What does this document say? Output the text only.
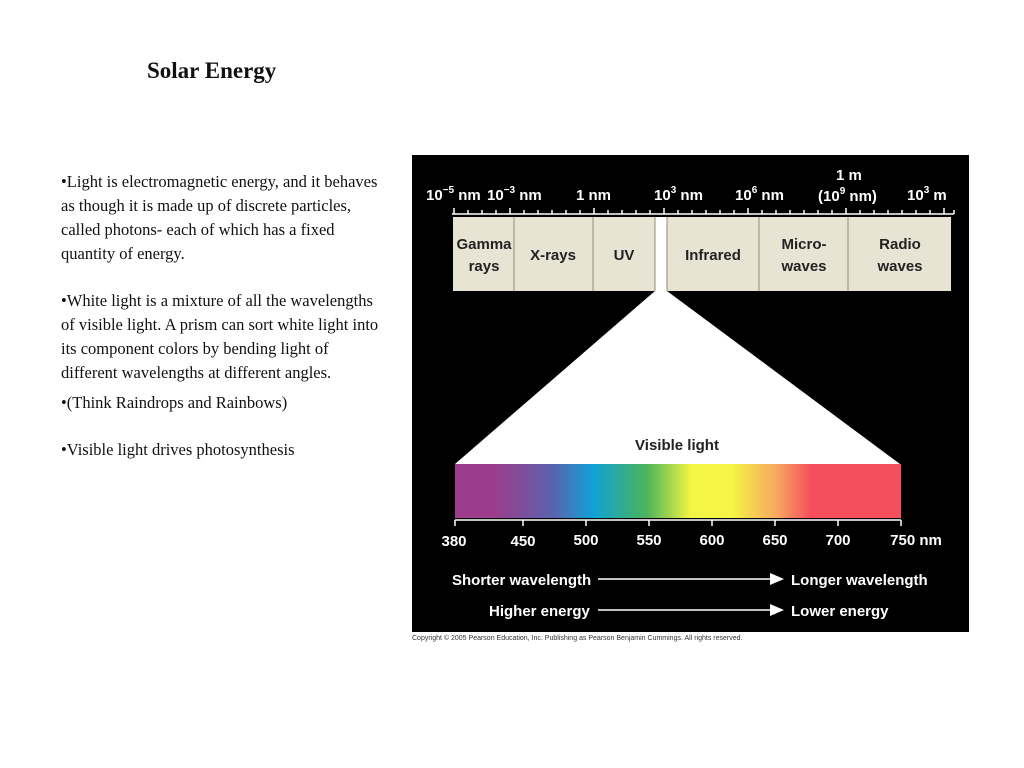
Solar Energy

•Light is electromagnetic energy, and it behaves as though it is made up of discrete particles, called photons- each of which has a fixed quantity of energy.

•White light is a mixture of all the wavelengths of visible light. A prism can sort white light into its component colors by bending light of different wavelengths at different angles.

•(Think Raindrops and Rainbows)

•Visible light drives photosynthesis

$10^{-5}$ nm $10^{-3}$ nm 1 nm	$10^3$ nm $10^6$ nm
1 m
($10^9$ nm) $10^3$ m
Gamma
rays
X-rays	UV	Infrared
Micro-
waves
Radio
waves
Visible light
380	450	500	550	600	650	700	750 nm
Shorter wavelength	Longer wavelength
Higher energy	Lower energy
Copyright © 2005 Pearson Education, Inc. Publishing as Pearson Benjamin Cummings. All rights reserved.
